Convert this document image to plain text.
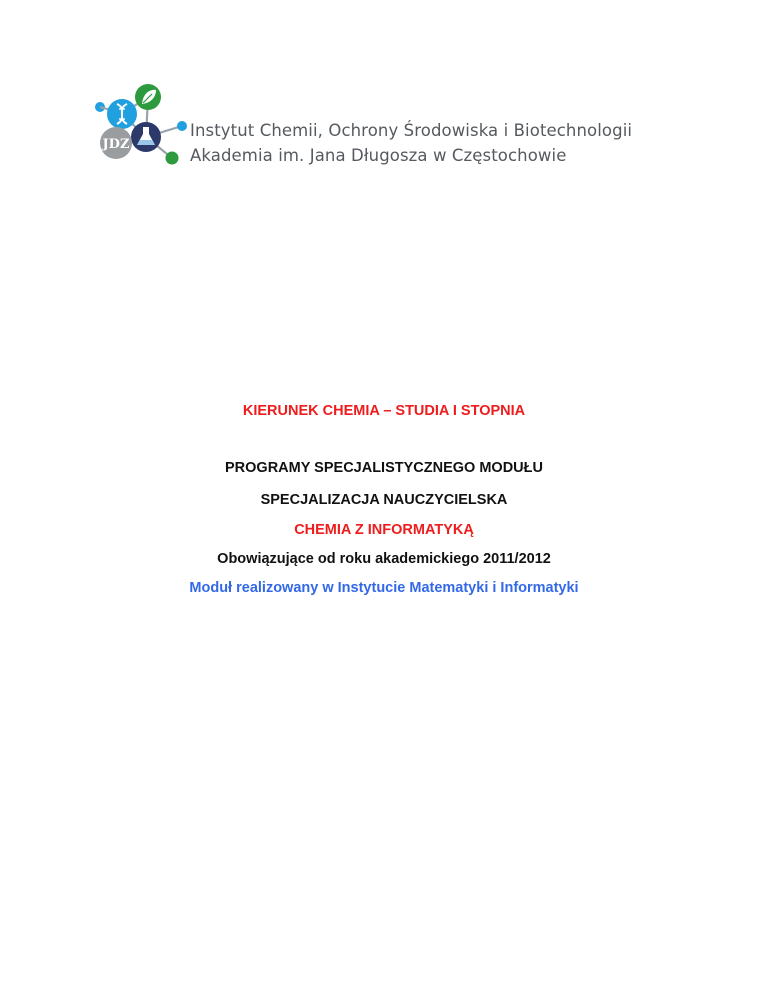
JDZ
Instytut Chemii, Ochrony Środowiska i Biotechnologii
Akademia im. Jana Długosza w Częstochowie
KIERUNEK CHEMIA – STUDIA I STOPNIA
PROGRAMY SPECJALISTYCZNEGO MODUŁU
SPECJALIZACJA NAUCZYCIELSKA
CHEMIA Z INFORMATYKĄ
Obowiązujące od roku akademickiego 2011/2012
Moduł realizowany w Instytucie Matematyki i Informatyki
